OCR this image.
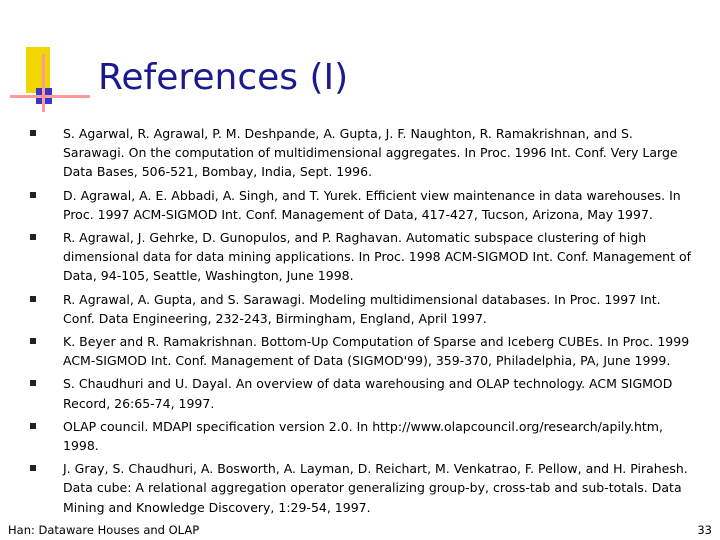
References (I)
S. Agarwal, R. Agrawal, P. M. Deshpande, A. Gupta, J. F. Naughton, R. Ramakrishnan, and S. Sarawagi. On the computation of multidimensional aggregates. In Proc. 1996 Int. Conf. Very Large Data Bases, 506-521, Bombay, India, Sept. 1996.
D. Agrawal, A. E. Abbadi, A. Singh, and T. Yurek. Efficient view maintenance in data warehouses. In Proc. 1997 ACM-SIGMOD Int. Conf. Management of Data, 417-427, Tucson, Arizona, May 1997.
R. Agrawal, J. Gehrke, D. Gunopulos, and P. Raghavan. Automatic subspace clustering of high dimensional data for data mining applications. In Proc. 1998 ACM-SIGMOD Int. Conf. Management of Data, 94-105, Seattle, Washington, June 1998.
R. Agrawal, A. Gupta, and S. Sarawagi. Modeling multidimensional databases. In Proc. 1997 Int. Conf. Data Engineering, 232-243, Birmingham, England, April 1997.
K. Beyer and R. Ramakrishnan. Bottom-Up Computation of Sparse and Iceberg CUBEs. In Proc. 1999 ACM-SIGMOD Int. Conf. Management of Data (SIGMOD'99), 359-370, Philadelphia, PA, June 1999.
S. Chaudhuri and U. Dayal. An overview of data warehousing and OLAP technology. ACM SIGMOD Record, 26:65-74, 1997.
OLAP council. MDAPI specification version 2.0. In http://www.olapcouncil.org/research/apily.htm, 1998.
J. Gray, S. Chaudhuri, A. Bosworth, A. Layman, D. Reichart, M. Venkatrao, F. Pellow, and H. Pirahesh. Data cube: A relational aggregation operator generalizing group-by, cross-tab and sub-totals. Data Mining and Knowledge Discovery, 1:29-54, 1997.
Han: Dataware Houses and OLAP	33
